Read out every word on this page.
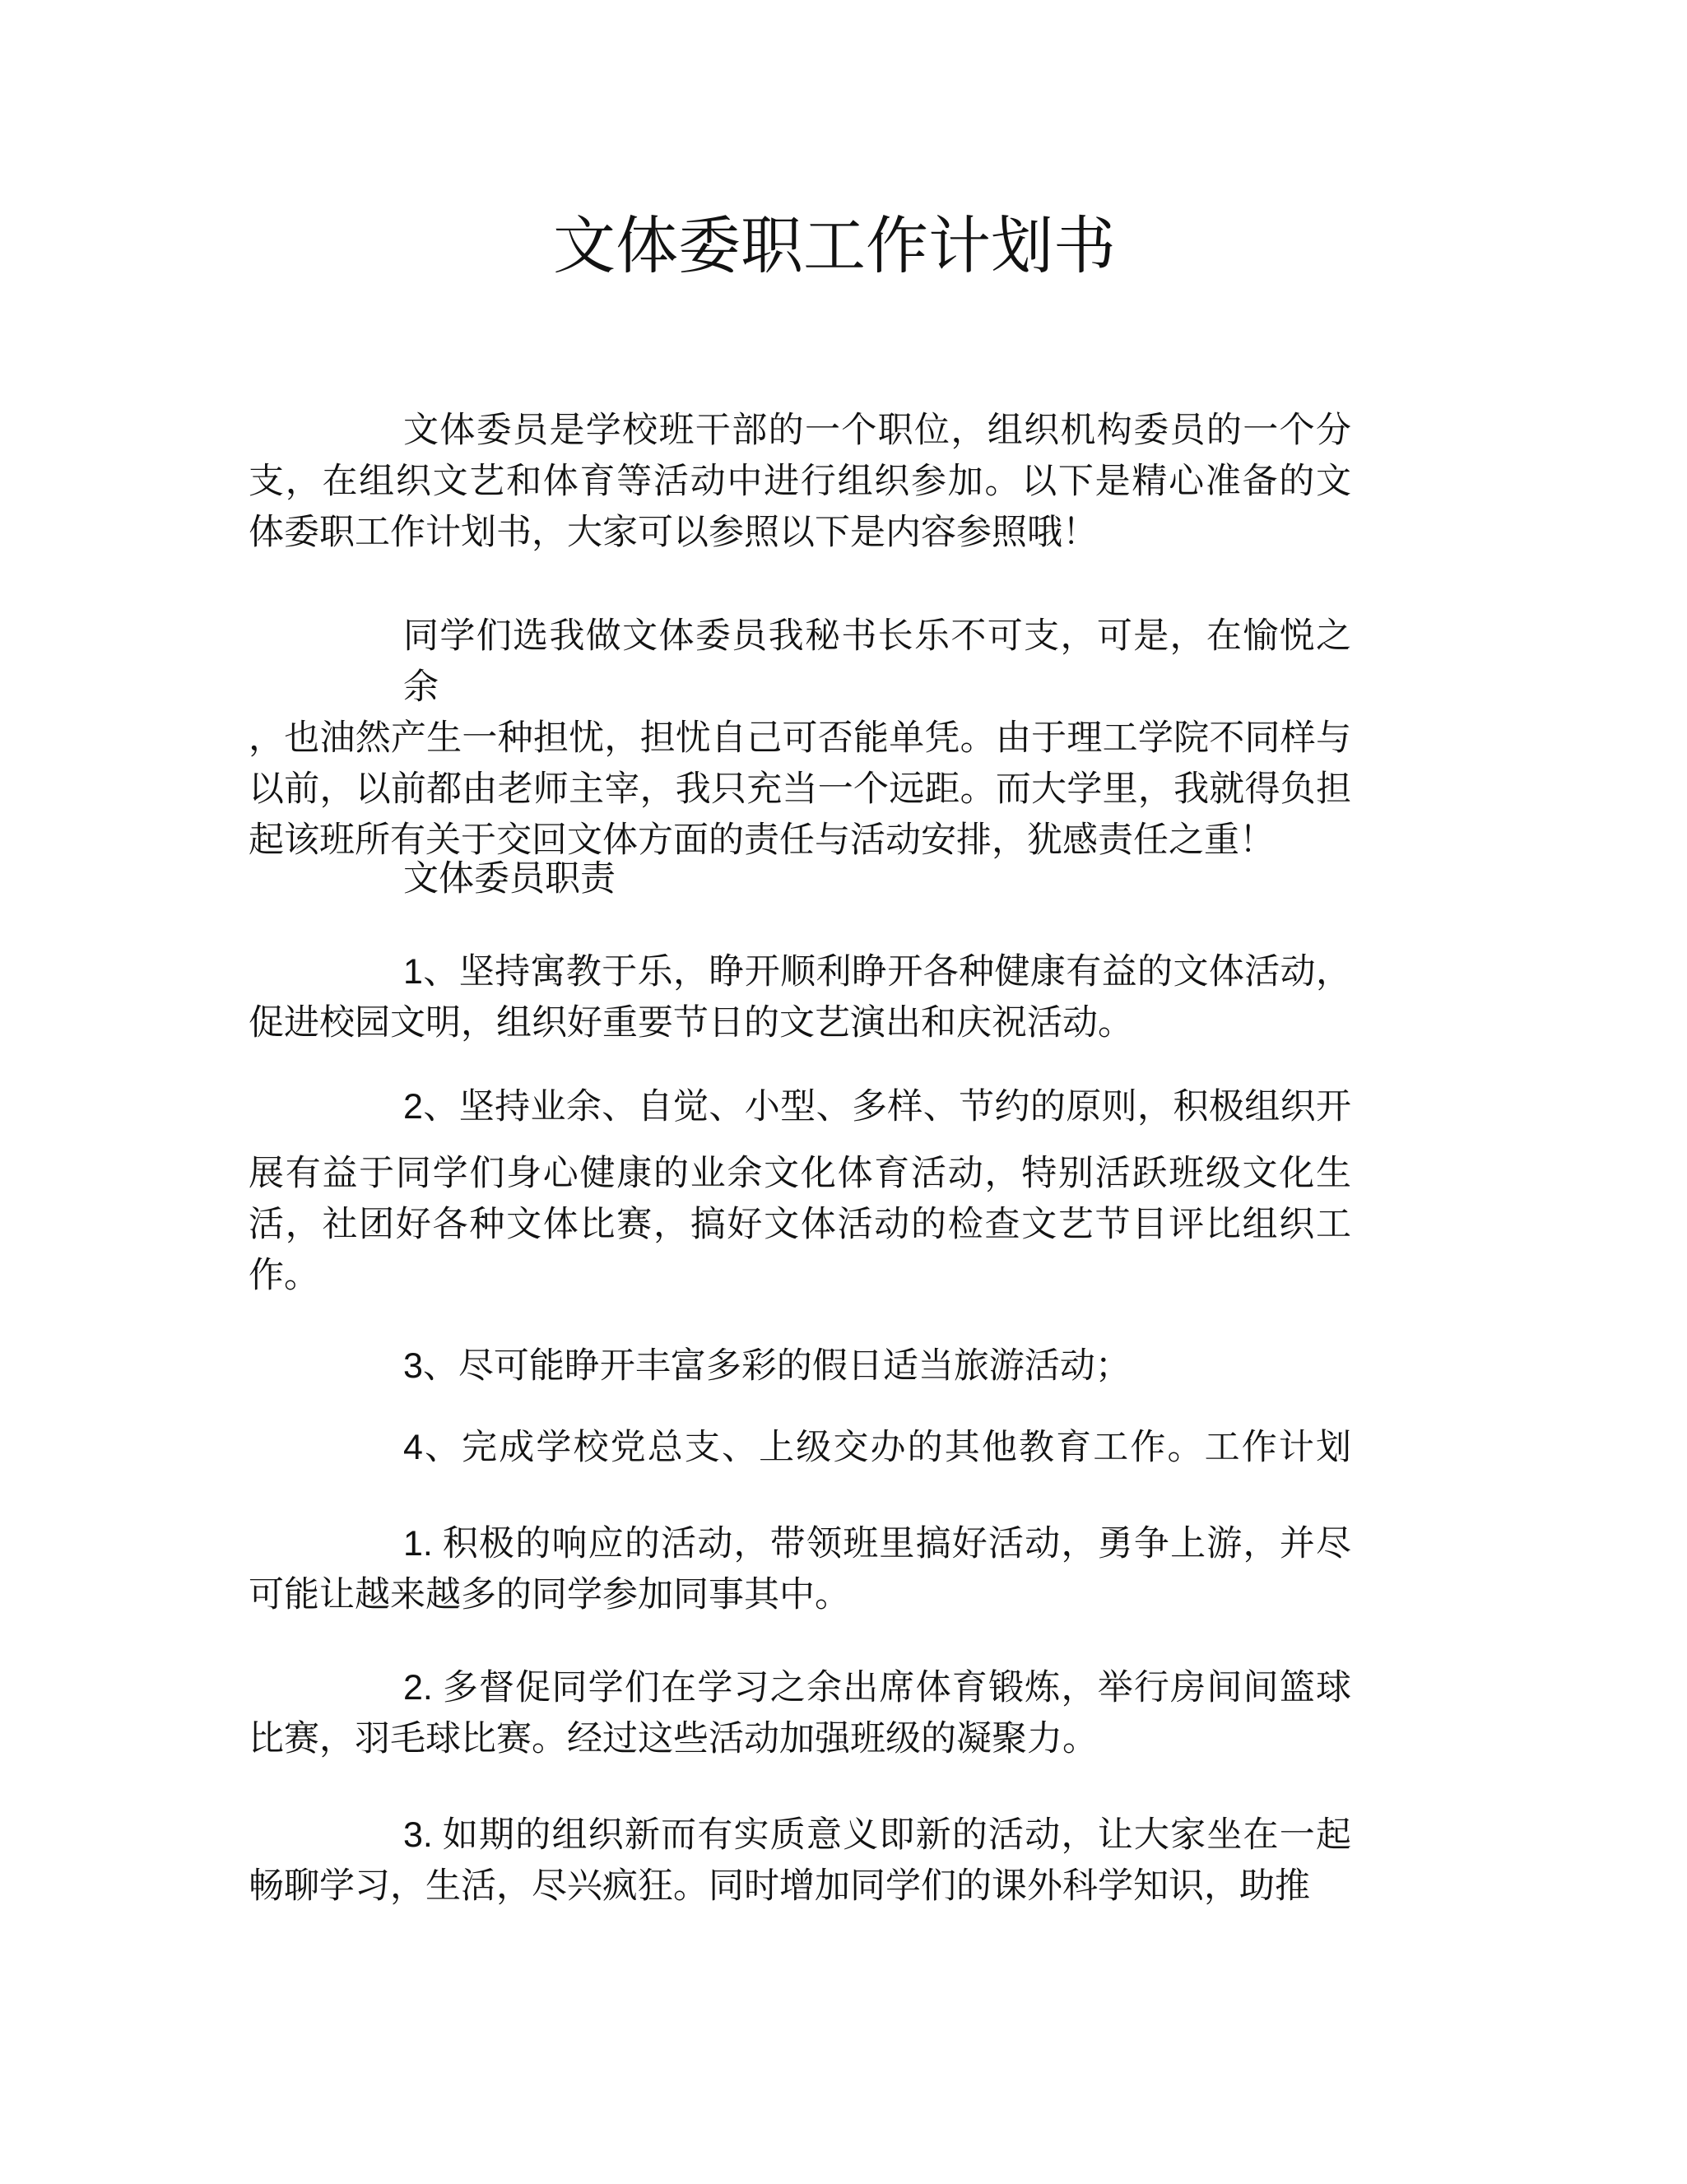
文体委职工作计划书
文体委员是学校班干部的一个职位，组织机构委员的一个分
支，在组织文艺和体育等活动中进行组织参加。以下是精心准备的文
体委职工作计划书，大家可以参照以下是内容参照哦！
同学们选我做文体委员我秘书长乐不可支，可是，在愉悦之余
，也油然产生一种担忧，担忧自己可否能单凭。由于理工学院不同样与
以前，以前都由老师主宰，我只充当一个远距。而大学里，我就得负担
起该班所有关于交回文体方面的责任与活动安排，犹感责任之重！
文体委员职责
1、坚持寓教于乐，睁开顺利睁开各种健康有益的文体活动，
促进校园文明，组织好重要节日的文艺演出和庆祝活动。
2、坚持业余、自觉、小型、多样、节约的原则，积极组织开
展有益于同学们身心健康的业余文化体育活动，特别活跃班级文化生
活，社团好各种文体比赛，搞好文体活动的检查文艺节目评比组织工
作。
3、尽可能睁开丰富多彩的假日适当旅游活动；
4、完成学校党总支、上级交办的其他教育工作。工作计划
1. 积极的响应的活动，带领班里搞好活动，勇争上游，并尽
可能让越来越多的同学参加同事其中。
2. 多督促同学们在学习之余出席体育锻炼，举行房间间篮球
比赛，羽毛球比赛。经过这些活动加强班级的凝聚力。
3. 如期的组织新而有实质意义即新的活动，让大家坐在一起
畅聊学习，生活，尽兴疯狂。同时增加同学们的课外科学知识，助推
